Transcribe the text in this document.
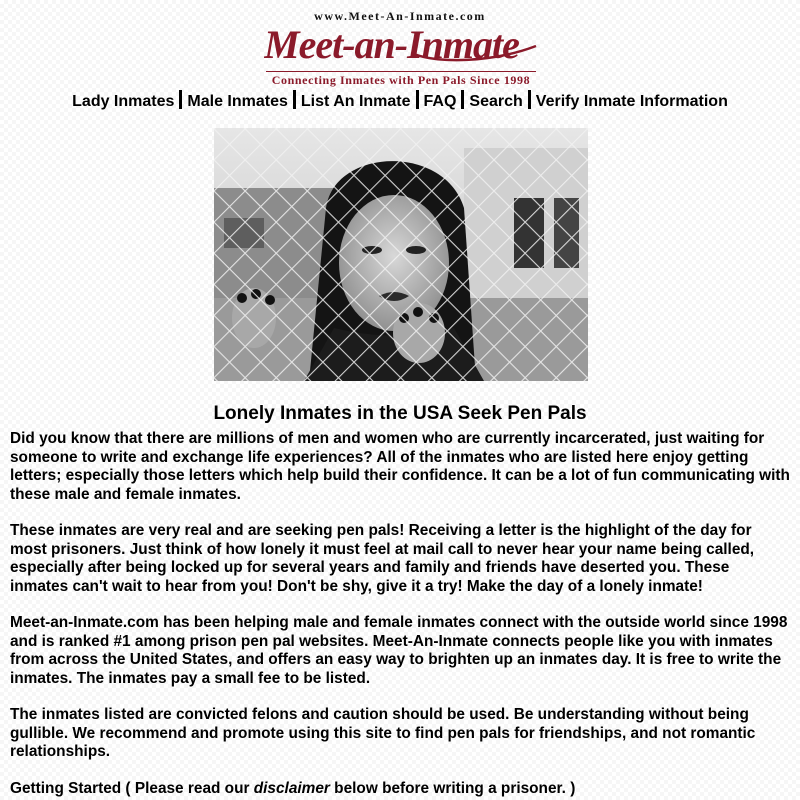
www.Meet-An-Inmate.com
Meet-an-Inmate
Connecting Inmates with Pen Pals Since 1998
Lady Inmates Male Inmates List An Inmate FAQ Search Verify Inmate Information
Lonely Inmates in the USA Seek Pen Pals

Did you know that there are millions of men and women who are currently incarcerated, just waiting for someone to write and exchange life experiences? All of the inmates who are listed here enjoy getting letters; especially those letters which help build their confidence. It can be a lot of fun communicating with these male and female inmates.

These inmates are very real and are seeking pen pals! Receiving a letter is the highlight of the day for most prisoners. Just think of how lonely it must feel at mail call to never hear your name being called, especially after being locked up for several years and family and friends have deserted you. These inmates can't wait to hear from you! Don't be shy, give it a try! Make the day of a lonely inmate!

Meet-an-Inmate.com has been helping male and female inmates connect with the outside world since 1998 and is ranked #1 among prison pen pal websites. Meet-An-Inmate connects people like you with inmates from across the United States, and offers an easy way to brighten up an inmates day. It is free to write the inmates. The inmates pay a small fee to be listed.

The inmates listed are convicted felons and caution should be used. Be understanding without being gullible. We recommend and promote using this site to find pen pals for friendships, and not romantic relationships.

Getting Started ( Please read our disclaimer below before writing a prisoner. )
